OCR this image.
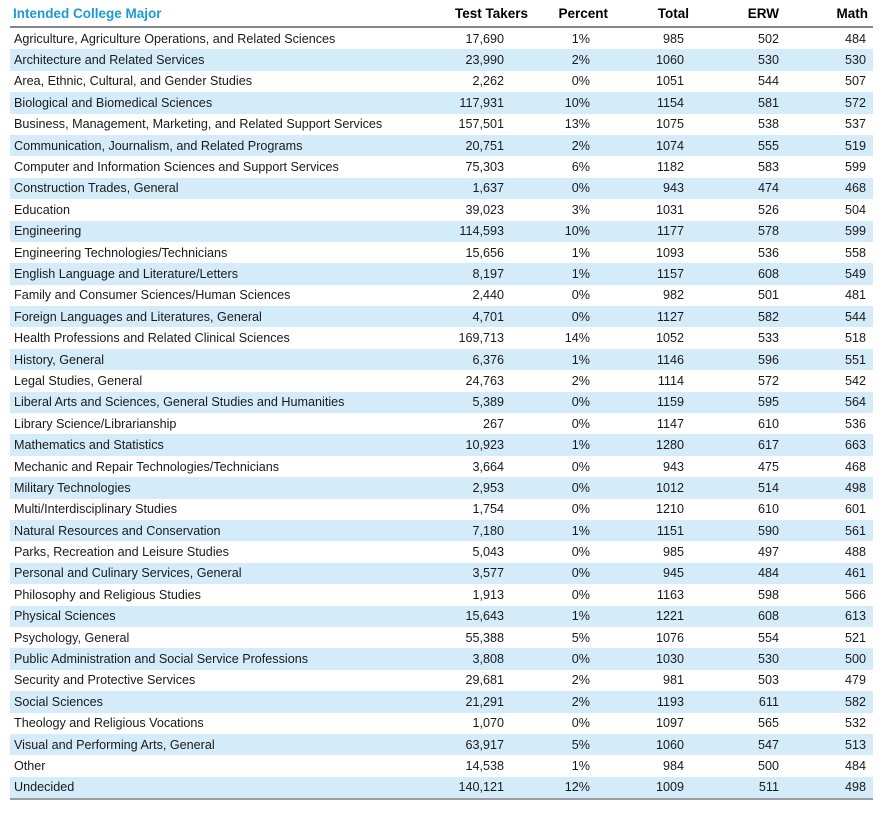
Intended College Major	Test Takers	Percent	Total	ERW	Math
Agriculture, Agriculture Operations, and Related Sciences	17,690	1%	985	502	484
Architecture and Related Services	23,990	2%	1060	530	530
Area, Ethnic, Cultural, and Gender Studies	2,262	0%	1051	544	507
Biological and Biomedical Sciences	117,931	10%	1154	581	572
Business, Management, Marketing, and Related Support Services	157,501	13%	1075	538	537
Communication, Journalism, and Related Programs	20,751	2%	1074	555	519
Computer and Information Sciences and Support Services	75,303	6%	1182	583	599
Construction Trades, General	1,637	0%	943	474	468
Education	39,023	3%	1031	526	504
Engineering	114,593	10%	1177	578	599
Engineering Technologies/Technicians	15,656	1%	1093	536	558
English Language and Literature/Letters	8,197	1%	1157	608	549
Family and Consumer Sciences/Human Sciences	2,440	0%	982	501	481
Foreign Languages and Literatures, General	4,701	0%	1127	582	544
Health Professions and Related Clinical Sciences	169,713	14%	1052	533	518
History, General	6,376	1%	1146	596	551
Legal Studies, General	24,763	2%	1114	572	542
Liberal Arts and Sciences, General Studies and Humanities	5,389	0%	1159	595	564
Library Science/Librarianship	267	0%	1147	610	536
Mathematics and Statistics	10,923	1%	1280	617	663
Mechanic and Repair Technologies/Technicians	3,664	0%	943	475	468
Military Technologies	2,953	0%	1012	514	498
Multi/Interdisciplinary Studies	1,754	0%	1210	610	601
Natural Resources and Conservation	7,180	1%	1151	590	561
Parks, Recreation and Leisure Studies	5,043	0%	985	497	488
Personal and Culinary Services, General	3,577	0%	945	484	461
Philosophy and Religious Studies	1,913	0%	1163	598	566
Physical Sciences	15,643	1%	1221	608	613
Psychology, General	55,388	5%	1076	554	521
Public Administration and Social Service Professions	3,808	0%	1030	530	500
Security and Protective Services	29,681	2%	981	503	479
Social Sciences	21,291	2%	1193	611	582
Theology and Religious Vocations	1,070	0%	1097	565	532
Visual and Performing Arts, General	63,917	5%	1060	547	513
Other	14,538	1%	984	500	484
Undecided	140,121	12%	1009	511	498
